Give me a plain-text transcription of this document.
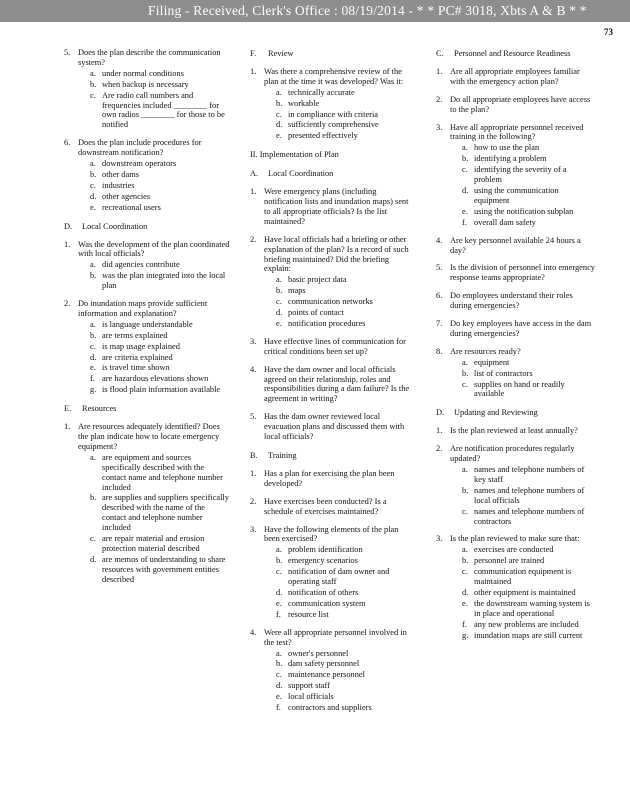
Filing - Received, Clerk's Office : 08/19/2014 - * * PC# 3018, Xbts A & B * *
73
5. Does the plan describe the communication system?
a. under normal conditions
b. when backup is necessary
c. Are radio call numbers and frequencies included ________ for own radios ________ for those to be notified
6. Does the plan include procedures for downstream notification?
a. downstream operators
b. other dams
c. industries
d. other agencies
e. recreational users
D. Local Coordination
1. Was the development of the plan coordinated with local officials?
a. did agencies contribute
b. was the plan integrated into the local plan
2. Do inundation maps provide sufficient information and explanation?
a. is language understandable
b. are terms explained
c. is map usage explained
d. are criteria explained
e. is travel time shown
f. are hazardous elevations shown
g. is flood plain information available
E. Resources
1. Are resources adequately identified? Does the plan indicate how to locate emergency equipment?
a. are equipment and sources specifically described with the contact name and telephone number included
b. are supplies and suppliers specifically described with the name of the contact and telephone number included
c. are repair material and erosion protection material described
d. are memos of understanding to share resources with government entities described
F. Review
1. Was there a comprehensive review of the plan at the time it was developed? Was it:
a. technically accurate
b. workable
c. in compliance with criteria
d. sufficiently comprehensive
e. presented effectively
II. Implementation of Plan
A. Local Coordination
1. Were emergency plans (including notification lists and inundation maps) sent to all appropriate officials? Is the list maintained?
2. Have local officials had a briefing or other explanation of the plan? Is a record of such briefing maintained? Did the briefing explain:
a. basic project data
b. maps
c. communication networks
d. points of contact
e. notification procedures
3. Have effective lines of communication for critical conditions been set up?
4. Have the dam owner and local officials agreed on their relationship, roles and responsibilities during a dam failure? Is the agreement in writing?
5. Has the dam owner reviewed local evacuation plans and discussed them with local officials?
B. Training
1. Has a plan for exercising the plan been developed?
2. Have exercises been conducted? Is a schedule of exercises maintained?
3. Have the following elements of the plan been exercised?
a. problem identification
b. emergency scenarios
c. notification of dam owner and operating staff
d. notification of others
e. communication system
f. resource list
4. Were all appropriate personnel involved in the test?
a. owner's personnel
b. dam safety personnel
c. maintenance personnel
d. support staff
e. local officials
f. contractors and suppliers
C. Personnel and Resource Readiness
1. Are all appropriate employees familiar with the emergency action plan?
2. Do all appropriate employees have access to the plan?
3. Have all appropriate personnel received training in the following?
a. how to use the plan
b. identifying a problem
c. identifying the severity of a problem
d. using the communication equipment
e. using the notification subplan
f. overall dam safety
4. Are key personnel available 24 hours a day?
5. Is the division of personnel into emergency response teams appropriate?
6. Do employees understand their roles during emergencies?
7. Do key employees have access in the dam during emergencies?
8. Are resources ready?
a. equipment
b. list of contractors
c. supplies on hand or readily available
D. Updating and Reviewing
1. Is the plan reviewed at least annually?
2. Are notification procedures regularly updated?
a. names and telephone numbers of key staff
b. names and telephone numbers of local officials
c. names and telephone numbers of contractors
3. Is the plan reviewed to make sure that:
a. exercises are conducted
b. personnel are trained
c. communication equipment is maintained
d. other equipment is maintained
e. the downstream warning system is in place and operational
f. any new problems are included
g. inundation maps are still current
